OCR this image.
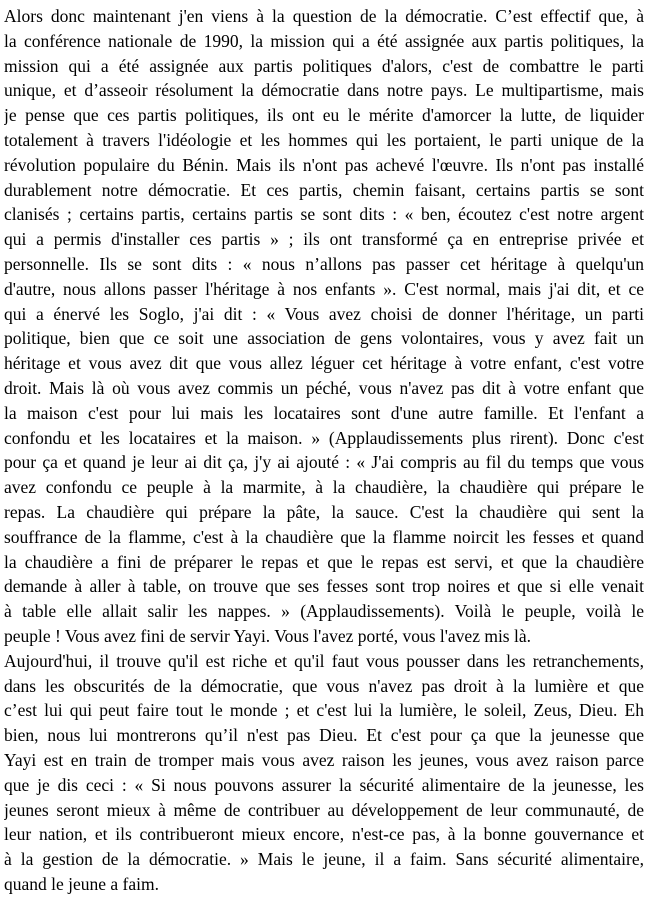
Alors donc maintenant j'en viens à la question de la démocratie. C’est effectif que, à
la conférence nationale de 1990, la mission qui a été assignée aux partis politiques, la
mission qui a été assignée aux partis politiques d'alors, c'est de combattre le parti
unique, et d’asseoir résolument la démocratie dans notre pays. Le multipartisme, mais
je pense que ces partis politiques, ils ont eu le mérite d'amorcer la lutte, de liquider
totalement à travers l'idéologie et les hommes qui les portaient, le parti unique de la
révolution populaire du Bénin. Mais ils n'ont pas achevé l'œuvre. Ils n'ont pas installé
durablement notre démocratie. Et ces partis, chemin faisant, certains partis se sont
clanisés ; certains partis, certains partis se sont dits : « ben, écoutez c'est notre argent
qui a permis d'installer ces partis » ; ils ont transformé ça en entreprise privée et
personnelle. Ils se sont dits : « nous n’allons pas passer cet héritage à quelqu'un
d'autre, nous allons passer l'héritage à nos enfants ». C'est normal, mais j'ai dit, et ce
qui a énervé les Soglo, j'ai dit : « Vous avez choisi de donner l'héritage, un parti
politique, bien que ce soit une association de gens volontaires, vous y avez fait un
héritage et vous avez dit que vous allez léguer cet héritage à votre enfant, c'est votre
droit. Mais là où vous avez commis un péché, vous n'avez pas dit à votre enfant que
la maison c'est pour lui mais les locataires sont d'une autre famille. Et l'enfant a
confondu et les locataires et la maison. » (Applaudissements plus rirent). Donc c'est
pour ça et quand je leur ai dit ça, j'y ai ajouté : « J'ai compris au fil du temps que vous
avez confondu ce peuple à la marmite, à la chaudière, la chaudière qui prépare le
repas. La chaudière qui prépare la pâte, la sauce. C'est la chaudière qui sent la
souffrance de la flamme, c'est à la chaudière que la flamme noircit les fesses et quand
la chaudière a fini de préparer le repas et que le repas est servi, et que la chaudière
demande à aller à table, on trouve que ses fesses sont trop noires et que si elle venait
à table elle allait salir les nappes. » (Applaudissements). Voilà le peuple, voilà le
peuple ! Vous avez fini de servir Yayi. Vous l'avez porté, vous l'avez mis là.
Aujourd'hui, il trouve qu'il est riche et qu'il faut vous pousser dans les retranchements,
dans les obscurités de la démocratie, que vous n'avez pas droit à la lumière et que
c’est lui qui peut faire tout le monde ; et c'est lui la lumière, le soleil, Zeus, Dieu. Eh
bien, nous lui montrerons qu’il n'est pas Dieu. Et c'est pour ça que la jeunesse que
Yayi est en train de tromper mais vous avez raison les jeunes, vous avez raison parce
que je dis ceci : « Si nous pouvons assurer la sécurité alimentaire de la jeunesse, les
jeunes seront mieux à même de contribuer au développement de leur communauté, de
leur nation, et ils contribueront mieux encore, n'est-ce pas, à la bonne gouvernance et
à la gestion de la démocratie. » Mais le jeune, il a faim. Sans sécurité alimentaire,
quand le jeune a faim.
